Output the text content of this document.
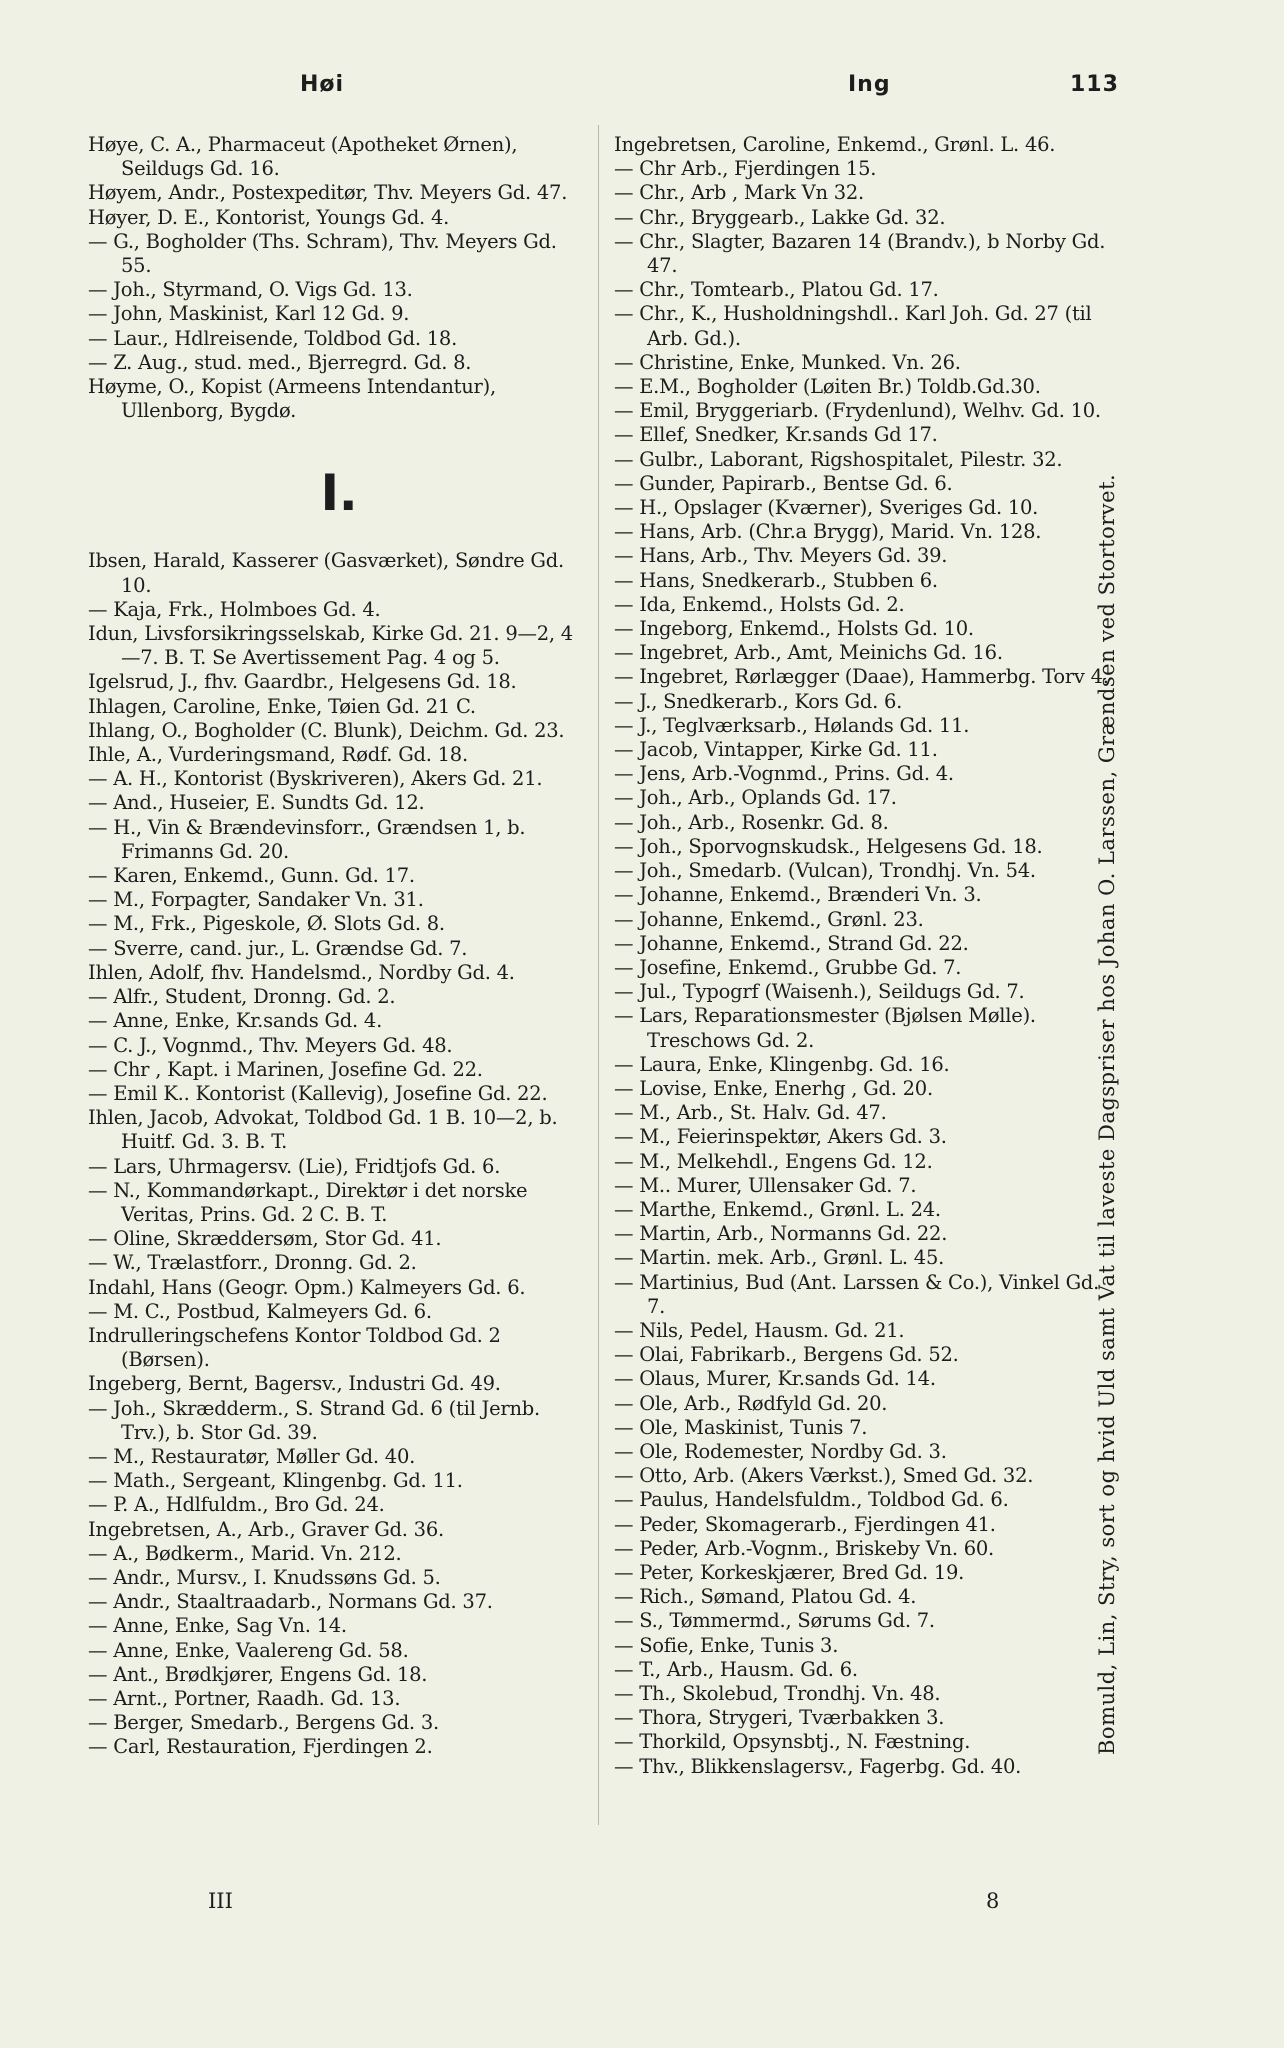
Høi	Ing	113
Høye, C. A., Pharmaceut (Apotheket Ørnen), Seildugs Gd. 16.
Høyem, Andr., Postexpeditør, Thv. Meyers Gd. 47.
Høyer, D. E., Kontorist, Youngs Gd. 4.
— G., Bogholder (Ths. Schram), Thv. Meyers Gd. 55.
— Joh., Styrmand, O. Vigs Gd. 13.
— John, Maskinist, Karl 12 Gd. 9.
— Laur., Hdlreisende, Toldbod Gd. 18.
— Z. Aug., stud. med., Bjerregrd. Gd. 8.
Høyme, O., Kopist (Armeens Intendantur), Ullenborg, Bygdø.
I.
Ibsen, Harald, Kasserer (Gasværket), Søndre Gd. 10.
— Kaja, Frk., Holmboes Gd. 4.
Idun, Livsforsikringsselskab, Kirke Gd. 21. 9—2, 4—7. B. T. Se Avertissement Pag. 4 og 5.
Igelsrud, J., fhv. Gaardbr., Helgesens Gd. 18.
Ihlagen, Caroline, Enke, Tøien Gd. 21 C.
Ihlang, O., Bogholder (C. Blunk), Deichm. Gd. 23.
Ihle, A., Vurderingsmand, Rødf. Gd. 18.
— A. H., Kontorist (Byskriveren), Akers Gd. 21.
— And., Huseier, E. Sundts Gd. 12.
— H., Vin & Brændevinsforr., Grændsen 1, b. Frimanns Gd. 20.
— Karen, Enkemd., Gunn. Gd. 17.
— M., Forpagter, Sandaker Vn. 31.
— M., Frk., Pigeskole, Ø. Slots Gd. 8.
— Sverre, cand. jur., L. Grændse Gd. 7.
Ihlen, Adolf, fhv. Handelsmd., Nordby Gd. 4.
— Alfr., Student, Dronng. Gd. 2.
— Anne, Enke, Kr.sands Gd. 4.
— C. J., Vognmd., Thv. Meyers Gd. 48.
— Chr , Kapt. i Marinen, Josefine Gd. 22.
— Emil K.. Kontorist (Kallevig), Josefine Gd. 22.
Ihlen, Jacob, Advokat, Toldbod Gd. 1 B. 10—2, b. Huitf. Gd. 3. B. T.
— Lars, Uhrmagersv. (Lie), Fridtjofs Gd. 6.
— N., Kommandørkapt., Direktør i det norske Veritas, Prins. Gd. 2 C. B. T.
— Oline, Skræddersøm, Stor Gd. 41.
— W., Trælastforr., Dronng. Gd. 2.
Indahl, Hans (Geogr. Opm.) Kalmeyers Gd. 6.
— M. C., Postbud, Kalmeyers Gd. 6.
Indrulleringschefens Kontor Toldbod Gd. 2 (Børsen).
Ingeberg, Bernt, Bagersv., Industri Gd. 49.
— Joh., Skrædderm., S. Strand Gd. 6 (til Jernb. Trv.), b. Stor Gd. 39.
— M., Restauratør, Møller Gd. 40.
— Math., Sergeant, Klingenbg. Gd. 11.
— P. A., Hdlfuldm., Bro Gd. 24.
Ingebretsen, A., Arb., Graver Gd. 36.
— A., Bødkerm., Marid. Vn. 212.
— Andr., Mursv., I. Knudssøns Gd. 5.
— Andr., Staaltraadarb., Normans Gd. 37.
— Anne, Enke, Sag Vn. 14.
— Anne, Enke, Vaalereng Gd. 58.
— Ant., Brødkjører, Engens Gd. 18.
— Arnt., Portner, Raadh. Gd. 13.
— Berger, Smedarb., Bergens Gd. 3.
— Carl, Restauration, Fjerdingen 2.
Ingebretsen, Caroline, Enkemd., Grønl. L. 46.
— Chr Arb., Fjerdingen 15.
— Chr., Arb , Mark Vn 32.
— Chr., Bryggearb., Lakke Gd. 32.
— Chr., Slagter, Bazaren 14 (Brandv.), b Norby Gd. 47.
— Chr., Tomtearb., Platou Gd. 17.
— Chr., K., Husholdningshdl.. Karl Joh. Gd. 27 (til Arb. Gd.).
— Christine, Enke, Munked. Vn. 26.
— E.M., Bogholder (Løiten Br.) Toldb.Gd.30.
— Emil, Bryggeriarb. (Frydenlund), Welhv. Gd. 10.
— Ellef, Snedker, Kr.sands Gd 17.
— Gulbr., Laborant, Rigshospitalet, Pilestr. 32.
— Gunder, Papirarb., Bentse Gd. 6.
— H., Opslager (Kværner), Sveriges Gd. 10.
— Hans, Arb. (Chr.a Brygg), Marid. Vn. 128.
— Hans, Arb., Thv. Meyers Gd. 39.
— Hans, Snedkerarb., Stubben 6.
— Ida, Enkemd., Holsts Gd. 2.
— Ingeborg, Enkemd., Holsts Gd. 10.
— Ingebret, Arb., Amt, Meinichs Gd. 16.
— Ingebret, Rørlægger (Daae), Hammerbg. Torv 4.
— J., Snedkerarb., Kors Gd. 6.
— J., Teglværksarb., Hølands Gd. 11.
— Jacob, Vintapper, Kirke Gd. 11.
— Jens, Arb.-Vognmd., Prins. Gd. 4.
— Joh., Arb., Oplands Gd. 17.
— Joh., Arb., Rosenkr. Gd. 8.
— Joh., Sporvognskudsk., Helgesens Gd. 18.
— Joh., Smedarb. (Vulcan), Trondhj. Vn. 54.
— Johanne, Enkemd., Brænderi Vn. 3.
— Johanne, Enkemd., Grønl. 23.
— Johanne, Enkemd., Strand Gd. 22.
— Josefine, Enkemd., Grubbe Gd. 7.
— Jul., Typogrf (Waisenh.), Seildugs Gd. 7.
— Lars, Reparationsmester (Bjølsen Mølle). Treschows Gd. 2.
— Laura, Enke, Klingenbg. Gd. 16.
— Lovise, Enke, Enerhg , Gd. 20.
— M., Arb., St. Halv. Gd. 47.
— M., Feierinspektør, Akers Gd. 3.
— M., Melkehdl., Engens Gd. 12.
— M.. Murer, Ullensaker Gd. 7.
— Marthe, Enkemd., Grønl. L. 24.
— Martin, Arb., Normanns Gd. 22.
— Martin. mek. Arb., Grønl. L. 45.
— Martinius, Bud (Ant. Larssen & Co.), Vinkel Gd. 7.
— Nils, Pedel, Hausm. Gd. 21.
— Olai, Fabrikarb., Bergens Gd. 52.
— Olaus, Murer, Kr.sands Gd. 14.
— Ole, Arb., Rødfyld Gd. 20.
— Ole, Maskinist, Tunis 7.
— Ole, Rodemester, Nordby Gd. 3.
— Otto, Arb. (Akers Værkst.), Smed Gd. 32.
— Paulus, Handelsfuldm., Toldbod Gd. 6.
— Peder, Skomagerarb., Fjerdingen 41.
— Peder, Arb.-Vognm., Briskeby Vn. 60.
— Peter, Korkeskjærer, Bred Gd. 19.
— Rich., Sømand, Platou Gd. 4.
— S., Tømmermd., Sørums Gd. 7.
— Sofie, Enke, Tunis 3.
— T., Arb., Hausm. Gd. 6.
— Th., Skolebud, Trondhj. Vn. 48.
— Thora, Strygeri, Tværbakken 3.
— Thorkild, Opsynsbtj., N. Fæstning.
— Thv., Blikkenslagersv., Fagerbg. Gd. 40.
Bomuld, Lin, Stry, sort og hvid Uld samt Vat til laveste Dagspriser hos Johan O. Larssen, Grændsen ved Stortorvet.
III	8
